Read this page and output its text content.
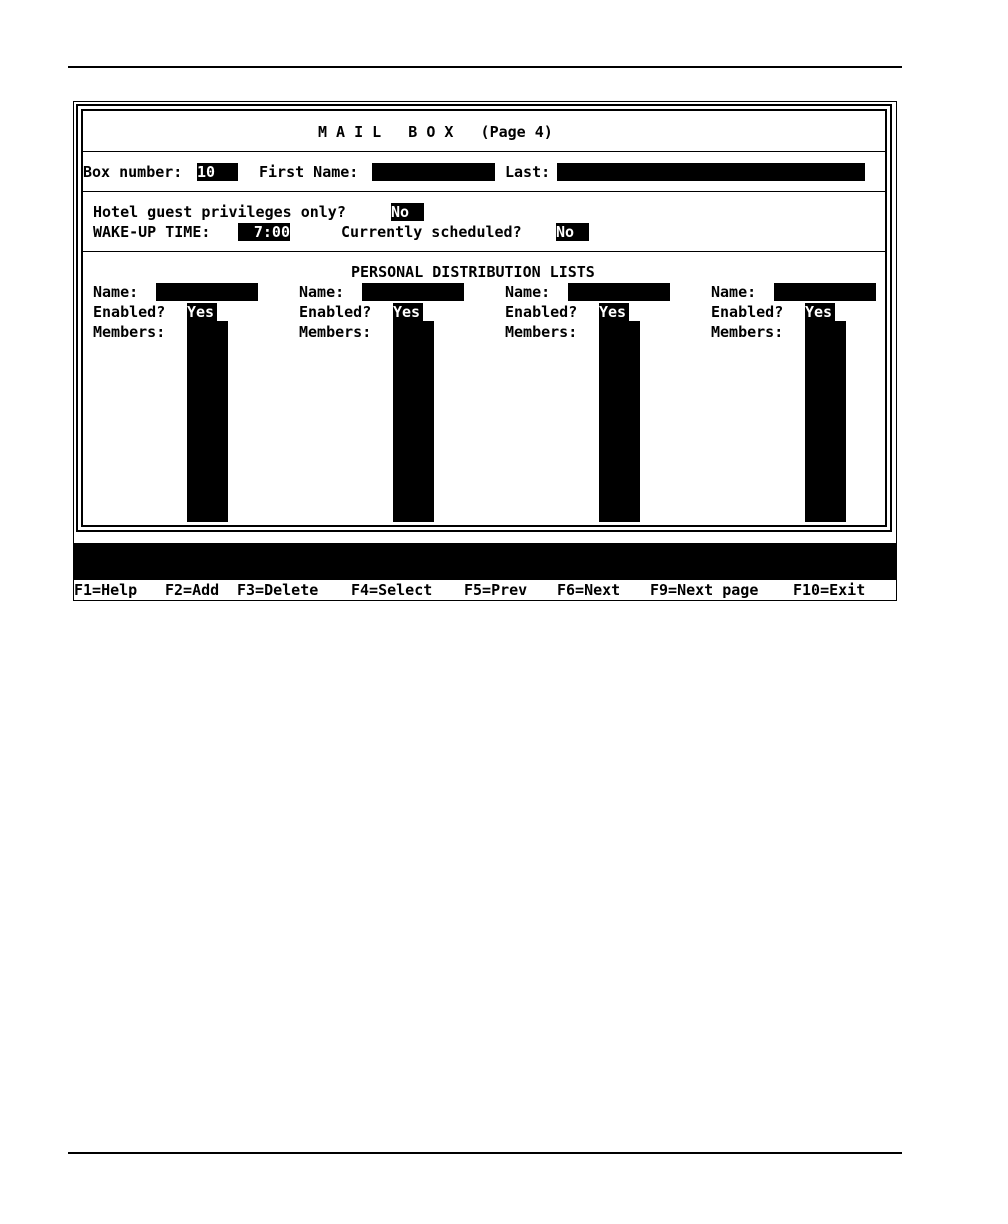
M A I L   B O X   (Page 4)
Box number: 10	First Name:	Last:
Hotel guest privileges only?	No
WAKE-UP TIME:	7:00	Currently scheduled? No
PERSONAL DISTRIBUTION LISTS
Name:
Enabled? Yes
Members:
Name:
Enabled? Yes
Members:
Name:
Enabled? Yes
Members:
Name:
Enabled? Yes
Members:
F1=Help F2=Add F3=Delete F4=Select F5=Prev F6=Next F9=Next page F10=Exit
